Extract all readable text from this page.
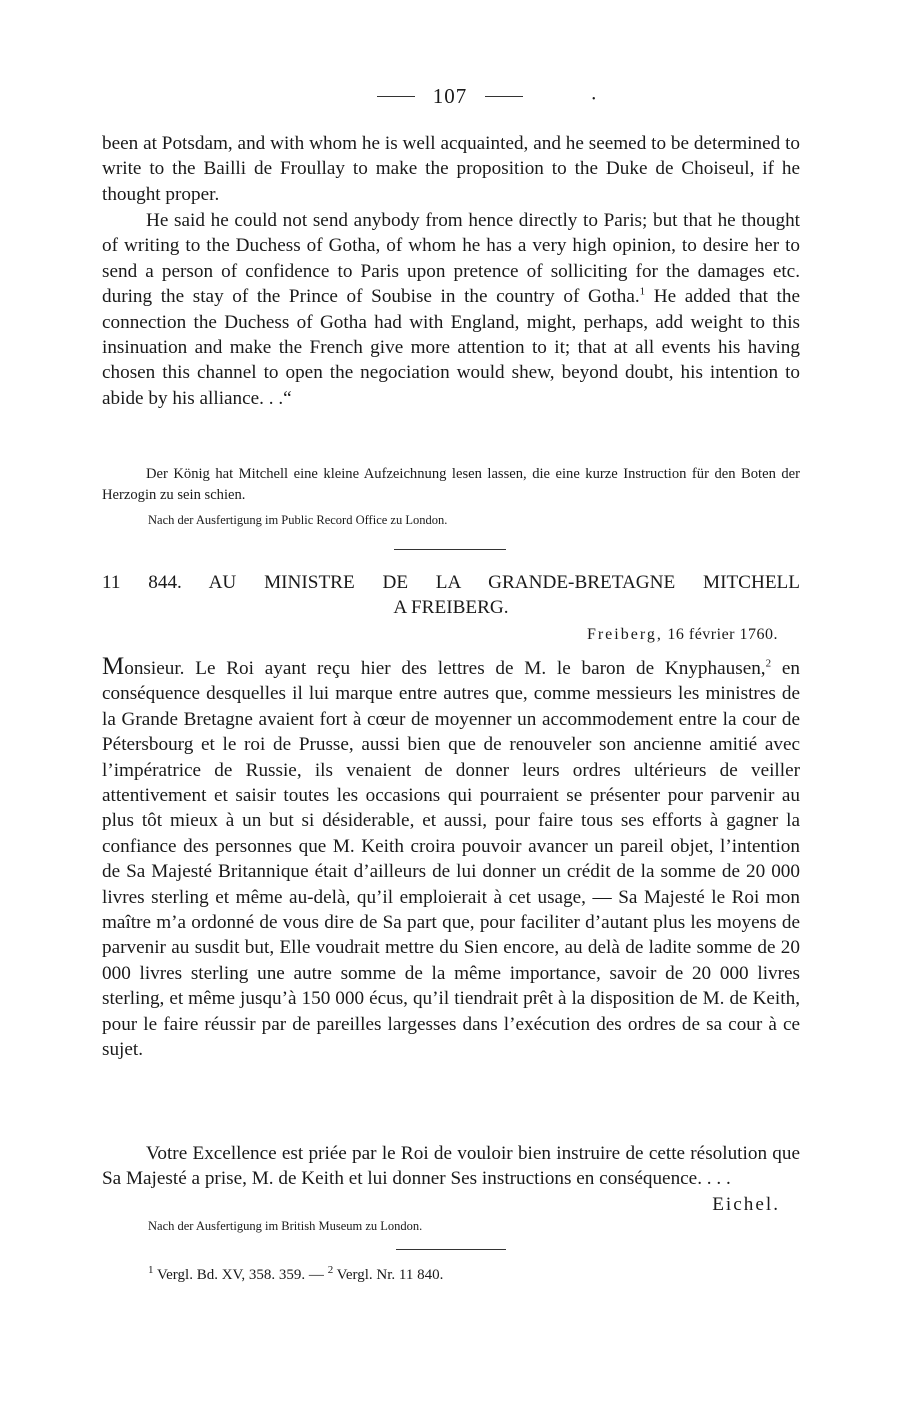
107	•

been at Potsdam, and with whom he is well acquainted, and he seemed to be determined to write to the Bailli de Froullay to make the proposition to the Duke de Choiseul, if he thought proper.

He said he could not send anybody from hence directly to Paris; but that he thought of writing to the Duchess of Gotha, of whom he has a very high opinion, to desire her to send a person of confidence to Paris upon pretence of solliciting for the damages etc. during the stay of the Prince of Soubise in the country of Gotha.$^1$ He added that the connection the Duchess of Gotha had with England, might, perhaps, add weight to this insinuation and make the French give more attention to it; that at all events his having chosen this channel to open the negociation would shew, beyond doubt, his intention to abide by his alliance. . .“

Der König hat Mitchell eine kleine Aufzeichnung lesen lassen, die eine kurze Instruction für den Boten der Herzogin zu sein schien.

Nach der Ausfertigung im Public Record Office zu London.

11 844. AU MINISTRE DE LA GRANDE-BRETAGNE MITCHELL

A FREIBERG.

Freiberg, 16 février 1760.

Monsieur. Le Roi ayant reçu hier des lettres de M. le baron de Knyphausen,$^2$ en conséquence desquelles il lui marque entre autres que, comme messieurs les ministres de la Grande Bretagne avaient fort à cœur de moyenner un accommodement entre la cour de Pétersbourg et le roi de Prusse, aussi bien que de renouveler son ancienne amitié avec l’impératrice de Russie, ils venaient de donner leurs ordres ultérieurs de veiller attentivement et saisir toutes les occasions qui pourraient se présenter pour parvenir au plus tôt mieux à un but si désiderable, et aussi, pour faire tous ses efforts à gagner la confiance des personnes que M. Keith croira pouvoir avancer un pareil objet, l’intention de Sa Majesté Britannique était d’ailleurs de lui donner un crédit de la somme de 20 000 livres sterling et même au-delà, qu’il emploierait à cet usage, — Sa Majesté le Roi mon maître m’a ordonné de vous dire de Sa part que, pour faciliter d’autant plus les moyens de parvenir au susdit but, Elle voudrait mettre du Sien encore, au delà de ladite somme de 20 000 livres sterling une autre somme de la même importance, savoir de 20 000 livres sterling, et même jusqu’à 150 000 écus, qu’il tiendrait prêt à la disposition de M. de Keith, pour le faire réussir par de pareilles largesses dans l’exécution des ordres de sa cour à ce sujet.

Votre Excellence est priée par le Roi de vouloir bien instruire de cette résolution que Sa Majesté a prise, M. de Keith et lui donner Ses instructions en conséquence. . . .
Eichel.

Nach der Ausfertigung im British Museum zu London.

$^1$ Vergl. Bd. XV, 358. 359. — $^2$ Vergl. Nr. 11 840.
